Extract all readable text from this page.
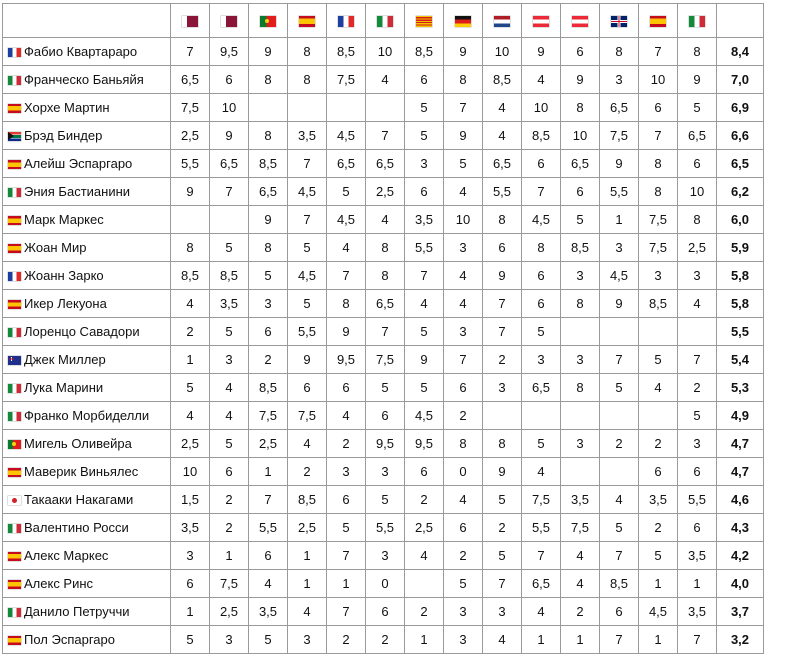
Фабио Квартараро	7	9,5	9	8	8,5	10	8,5	9	10	9	6	8	7	8	8,4
Франческо Баньяйя	6,5	6	8	8	7,5	4	6	8	8,5	4	9	3	10	9	7,0
Хорхе Мартин	7,5	10					5	7	4	10	8	6,5	6	5	6,9
Брэд Биндер	2,5	9	8	3,5	4,5	7	5	9	4	8,5	10	7,5	7	6,5	6,6
Алейш Эспаргаро	5,5	6,5	8,5	7	6,5	6,5	3	5	6,5	6	6,5	9	8	6	6,5
Эния Бастианини	9	7	6,5	4,5	5	2,5	6	4	5,5	7	6	5,5	8	10	6,2
Марк Маркес			9	7	4,5	4	3,5	10	8	4,5	5	1	7,5	8	6,0
Жоан Мир	8	5	8	5	4	8	5,5	3	6	8	8,5	3	7,5	2,5	5,9
Жоанн Зарко	8,5	8,5	5	4,5	7	8	7	4	9	6	3	4,5	3	3	5,8
Икер Лекуона	4	3,5	3	5	8	6,5	4	4	7	6	8	9	8,5	4	5,8
Лоренцо Савадори	2	5	6	5,5	9	7	5	3	7	5					5,5
Джек Миллер	1	3	2	9	9,5	7,5	9	7	2	3	3	7	5	7	5,4
Лука Марини	5	4	8,5	6	6	5	5	6	3	6,5	8	5	4	2	5,3
Франко Морбиделли	4	4	7,5	7,5	4	6	4,5	2						5	4,9
Мигель Оливейра	2,5	5	2,5	4	2	9,5	9,5	8	8	5	3	2	2	3	4,7
Маверик Виньялес	10	6	1	2	3	3	6	0	9	4			6	6	4,7
Такааки Накагами	1,5	2	7	8,5	6	5	2	4	5	7,5	3,5	4	3,5	5,5	4,6
Валентино Росси	3,5	2	5,5	2,5	5	5,5	2,5	6	2	5,5	7,5	5	2	6	4,3
Алекс Маркес	3	1	6	1	7	3	4	2	5	7	4	7	5	3,5	4,2
Алекс Ринс	6	7,5	4	1	1	0		5	7	6,5	4	8,5	1	1	4,0
Данило Петруччи	1	2,5	3,5	4	7	6	2	3	3	4	2	6	4,5	3,5	3,7
Пол Эспаргаро	5	3	5	3	2	2	1	3	4	1	1	7	1	7	3,2
